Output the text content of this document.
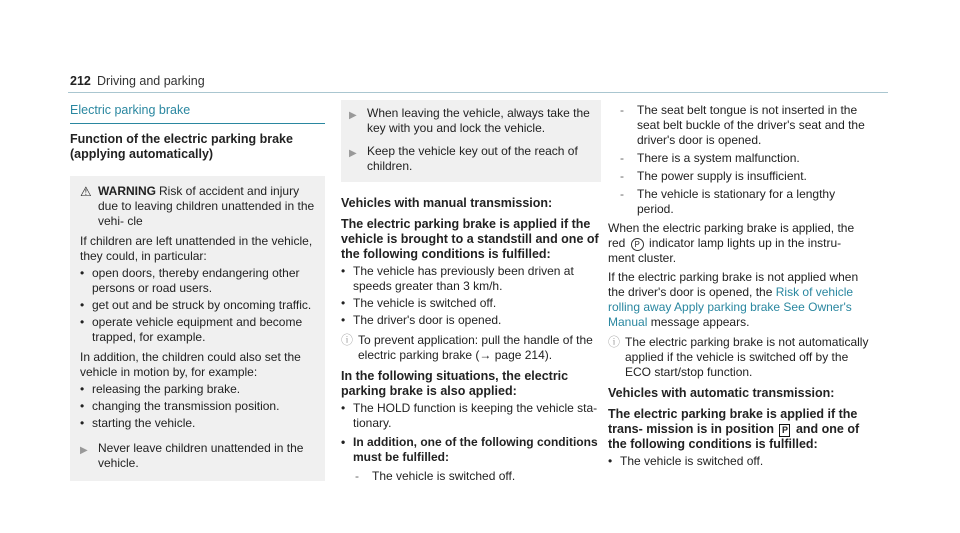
212 Driving and parking
Electric parking brake
Function of the electric parking brake (applying automatically)
⚠ WARNING Risk of accident and injury due to leaving children unattended in the vehi- cle

If children are left unattended in the vehicle, they could, in particular:

• open doors, thereby endangering other persons or road users.
• get out and be struck by oncoming traffic.
• operate vehicle equipment and become trapped, for example.

In addition, the children could also set the vehicle in motion by, for example:

• releasing the parking brake.
• changing the transmission position.
• starting the vehicle.
▶ Never leave children unattended in the vehicle.
▶ When leaving the vehicle, always take the key with you and lock the vehicle.
▶ Keep the vehicle key out of the reach of children.
Vehicles with manual transmission:
The electric parking brake is applied if the vehicle is brought to a standstill and one of the following conditions is fulfilled:
• The vehicle has previously been driven at speeds greater than 3 km/h.
• The vehicle is switched off.
• The driver's door is opened.
ⓘ To prevent application: pull the handle of the electric parking brake (→ page 214).
In the following situations, the electric parking brake is also applied:
• The HOLD function is keeping the vehicle sta- tionary.
• In addition, one of the following conditions must be fulfilled:
-	The vehicle is switched off.
-	The seat belt tongue is not inserted in the seat belt buckle of the driver's seat and the driver's door is opened.
-	There is a system malfunction.
-	The power supply is insufficient.
-	The vehicle is stationary for a lengthy period.

When the electric parking brake is applied, the red P indicator lamp lights up in the instru- ment cluster.

If the electric parking brake is not applied when the driver's door is opened, the Risk of vehicle rolling away Apply parking brake See Owner's Manual message appears.

ⓘ The electric parking brake is not automatically applied if the vehicle is switched off by the ECO start/stop function.
Vehicles with automatic transmission:
The electric parking brake is applied if the trans- mission is in position P and one of the following conditions is fulfilled:
• The vehicle is switched off.
